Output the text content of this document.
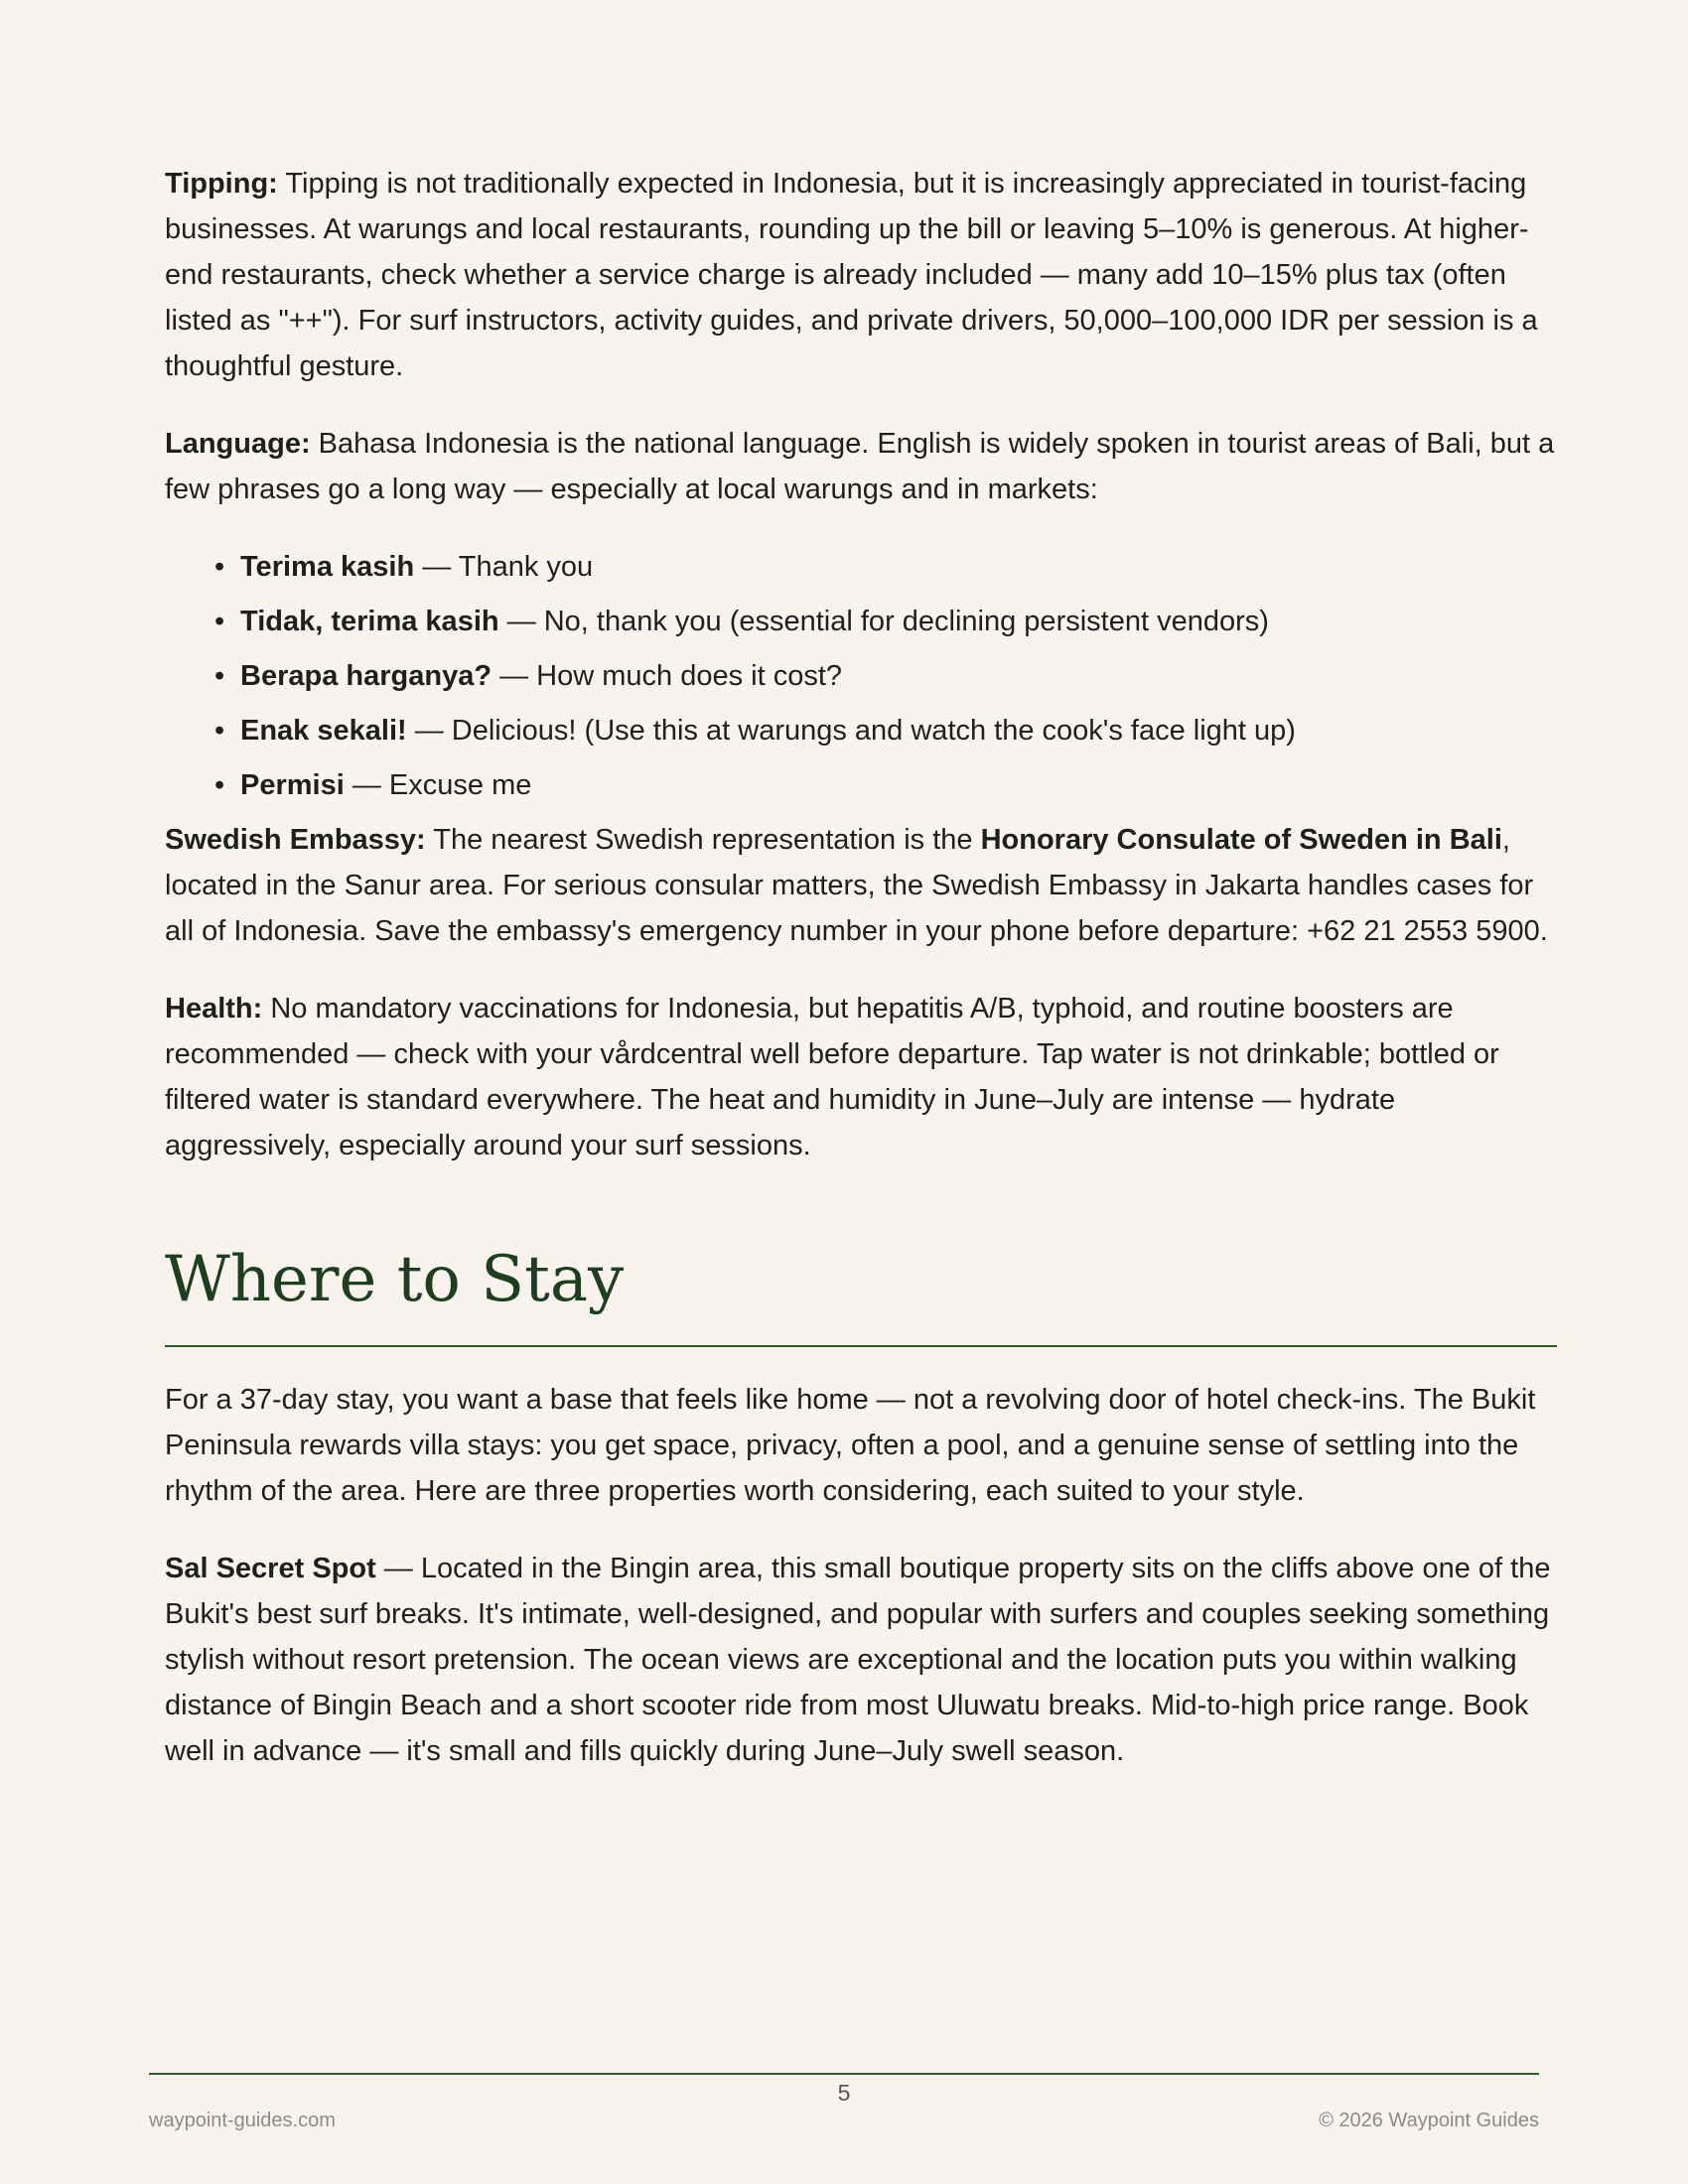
Tipping: Tipping is not traditionally expected in Indonesia, but it is increasingly appreciated in tourist-facing businesses. At warungs and local restaurants, rounding up the bill or leaving 5–10% is generous. At higher-end restaurants, check whether a service charge is already included — many add 10–15% plus tax (often listed as "++"). For surf instructors, activity guides, and private drivers, 50,000–100,000 IDR per session is a thoughtful gesture.

Language: Bahasa Indonesia is the national language. English is widely spoken in tourist areas of Bali, but a few phrases go a long way — especially at local warungs and in markets:

• Terima kasih — Thank you
• Tidak, terima kasih — No, thank you (essential for declining persistent vendors)
• Berapa harganya? — How much does it cost?
• Enak sekali! — Delicious! (Use this at warungs and watch the cook's face light up)
• Permisi — Excuse me

Swedish Embassy: The nearest Swedish representation is the Honorary Consulate of Sweden in Bali, located in the Sanur area. For serious consular matters, the Swedish Embassy in Jakarta handles cases for all of Indonesia. Save the embassy's emergency number in your phone before departure: +62 21 2553 5900.

Health: No mandatory vaccinations for Indonesia, but hepatitis A/B, typhoid, and routine boosters are recommended — check with your vårdcentral well before departure. Tap water is not drinkable; bottled or filtered water is standard everywhere. The heat and humidity in June–July are intense — hydrate aggressively, especially around your surf sessions.

Where to Stay

For a 37-day stay, you want a base that feels like home — not a revolving door of hotel check-ins. The Bukit Peninsula rewards villa stays: you get space, privacy, often a pool, and a genuine sense of settling into the rhythm of the area. Here are three properties worth considering, each suited to your style.

Sal Secret Spot — Located in the Bingin area, this small boutique property sits on the cliffs above one of the Bukit's best surf breaks. It's intimate, well-designed, and popular with surfers and couples seeking something stylish without resort pretension. The ocean views are exceptional and the location puts you within walking distance of Bingin Beach and a short scooter ride from most Uluwatu breaks. Mid-to-high price range. Book well in advance — it's small and fills quickly during June–July swell season.

5
waypoint-guides.com	© 2026 Waypoint Guides
